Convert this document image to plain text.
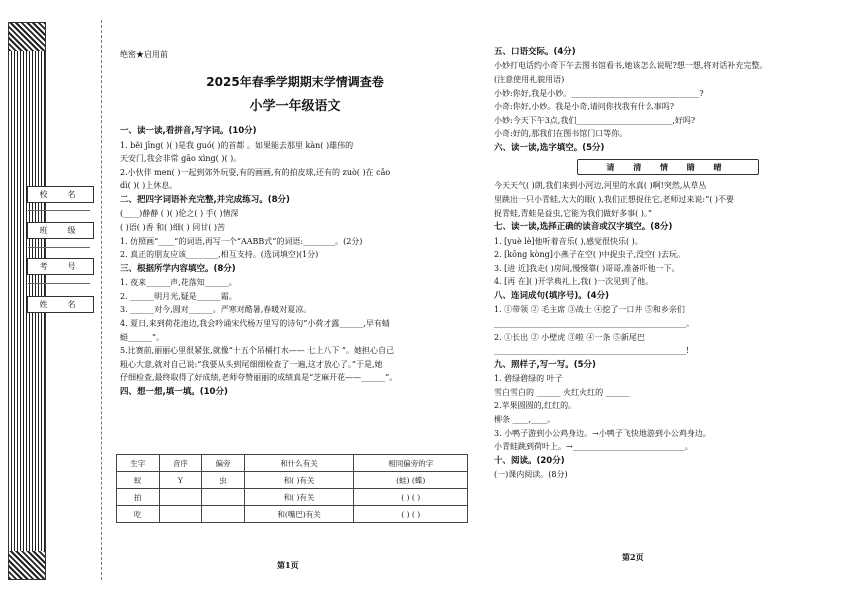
校　名
班　级
考　号
姓　名
绝密★启用前
2025年春季学期期末学情调查卷
小学一年级语文
一、读一读,看拼音,写字词。(10分)
1. běi jīng( )( )是我 guó( )的首都 。如果能去那里 kàn( )雄伟的
天安门,我会非常 gāo xìng( )( )。
2.小伙伴 men( )一起到郊外玩耍,有的画画,有的拍皮球,还有的 zuò( )在 cǎo
dì( )( )上休息。
二、把四字词语补充完整,并完成练习。(8分)
(____)静静 ( )( )伦之( ) 手( )情深
( )语( )香 和( )细( ) 同甘( )苦
1. 仿照画“____”的词语,再写一个“AABB式”的词语:________。(2分)
2. 真正的朋友应该________,相互支持。(选词填空)(1分)
三、根据所学内容填空。(8分)
1. 夜来______声,花落知______。
2. ______明月光,疑是______霜。
3. ______对今,圆对______。严寒对酷暑,春暖对夏凉。
4. 夏日,来到荷花池边,我会吟诵宋代杨万里写的诗句“小荷才露______,早有蜻
蜓______”。
5.比赛前,丽丽心里很紧张,就像“十五个吊桶打水—— 七上八下 ”。她担心自己
粗心大意,就对自己说:“我要从头到尾细细检查了一遍,这才放心了。”于是,她
仔细检查,最终取得了好成绩,老师夸赞丽丽的成绩真是“芝麻开花——______”。
四、想一想,填一填。(10分)
生字	音序	偏旁	和什么有关	相同偏旁的字
蚁	Y	虫	和( )有关	(蛙) (蝶)
拍			和( )有关	( ) ( )
吃			和(嘴巴)有关	( ) ( )
第1页
五、口语交际。(4分)
小妙打电话约小奇下午去图书馆看书,她该怎么说呢?想一想,将对话补充完整。
(注意使用礼貌用语)
小妙:你好,我是小妙。________________________________?
小奇:你好,小妙。我是小奇,请问你找我有什么事吗?
小妙:今天下午3点,我们________________________,好吗?
小奇:好的,那我们在图书馆门口等你。
六、读一读,选字填空。(5分)
请 清 情 睛 晴
今天天气( )朗,我们来到小河边,河里的水真( )啊!突然,从草丛
里跳出一只小青蛙,大大的眼( ),我们正想捉住它,老师过来说:“( )不要
捉青蛙,青蛙是益虫,它能为我们做好多事( )。”
七、读一读,选择正确的读音或汉字填空。(8分)
1. [yuè lè]他听着音乐( ),感觉很快乐( )。
2. [kōng kòng]小燕子在空( )中捉虫子,没空( )去玩。
3. [进 近]我走( )房间,慢慢靠( )哥哥,准备吓他一下。
4. [再 在]( )开学典礼上,我( )一次见到了他。
八、连词成句(填序号)。(4分)
1. ①带领 ② 毛主席 ③战士 ④挖了一口井 ⑤和乡亲们
________________________________________________。
2. ①长出 ② 小壁虎 ③啦 ④一条 ⑤新尾巴
________________________________________________!
九、照样子,写一写。(5分)
1. 碧绿碧绿的 叶子
雪白雪白的 ______ 火红火红的 ______
2.苹果圆圆的,红红的。
柳条 ____,____。
3. 小鸭子游到小公鸡身边。→小鸭子飞快地游到小公鸡身边。
小青蛙跳到荷叶上。→____________________________。
十、阅读。(20分)
(一)课内阅读。(8分)
第2页
